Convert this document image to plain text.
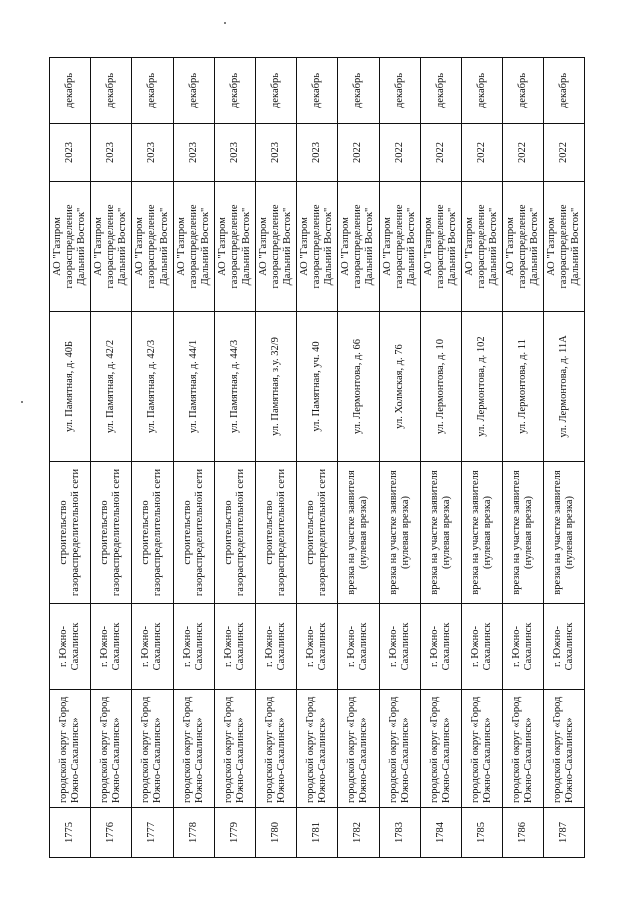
1775	городской округ «Город Южно-Сахалинск»	г. Южно-Сахалинск	строительство газораспределительной сети	ул. Памятная, д. 40Б	АО "Газпром газораспределение Дальний Восток"	2023	декабрь
1776	городской округ «Город Южно-Сахалинск»	г. Южно-Сахалинск	строительство газораспределительной сети	ул. Памятная, д. 42/2	АО "Газпром газораспределение Дальний Восток"	2023	декабрь
1777	городской округ «Город Южно-Сахалинск»	г. Южно-Сахалинск	строительство газораспределительной сети	ул. Памятная, д. 42/3	АО "Газпром газораспределение Дальний Восток"	2023	декабрь
1778	городской округ «Город Южно-Сахалинск»	г. Южно-Сахалинск	строительство газораспределительной сети	ул. Памятная, д. 44/1	АО "Газпром газораспределение Дальний Восток"	2023	декабрь
1779	городской округ «Город Южно-Сахалинск»	г. Южно-Сахалинск	строительство газораспределительной сети	ул. Памятная, д. 44/3	АО "Газпром газораспределение Дальний Восток"	2023	декабрь
1780	городской округ «Город Южно-Сахалинск»	г. Южно-Сахалинск	строительство газораспределительной сети	ул. Памятная, з.у. 32/9	АО "Газпром газораспределение Дальний Восток"	2023	декабрь
1781	городской округ «Город Южно-Сахалинск»	г. Южно-Сахалинск	строительство газораспределительной сети	ул. Памятная, уч. 40	АО "Газпром газораспределение Дальний Восток"	2023	декабрь
1782	городской округ «Город Южно-Сахалинск»	г. Южно-Сахалинск	врезка на участке заявителя (нулевая врезка)	ул. Лермонтова, д. 66	АО "Газпром газораспределение Дальний Восток"	2022	декабрь
1783	городской округ «Город Южно-Сахалинск»	г. Южно-Сахалинск	врезка на участке заявителя (нулевая врезка)	ул. Холмская, д. 76	АО "Газпром газораспределение Дальний Восток"	2022	декабрь
1784	городской округ «Город Южно-Сахалинск»	г. Южно-Сахалинск	врезка на участке заявителя (нулевая врезка)	ул. Лермонтова, д. 10	АО "Газпром газораспределение Дальний Восток"	2022	декабрь
1785	городской округ «Город Южно-Сахалинск»	г. Южно-Сахалинск	врезка на участке заявителя (нулевая врезка)	ул. Лермонтова, д. 102	АО "Газпром газораспределение Дальний Восток"	2022	декабрь
1786	городской округ «Город Южно-Сахалинск»	г. Южно-Сахалинск	врезка на участке заявителя (нулевая врезка)	ул. Лермонтова, д. 11	АО "Газпром газораспределение Дальний Восток"	2022	декабрь
1787	городской округ «Город Южно-Сахалинск»	г. Южно-Сахалинск	врезка на участке заявителя (нулевая врезка)	ул. Лермонтова, д. 11А	АО "Газпром газораспределение Дальний Восток"	2022	декабрь
